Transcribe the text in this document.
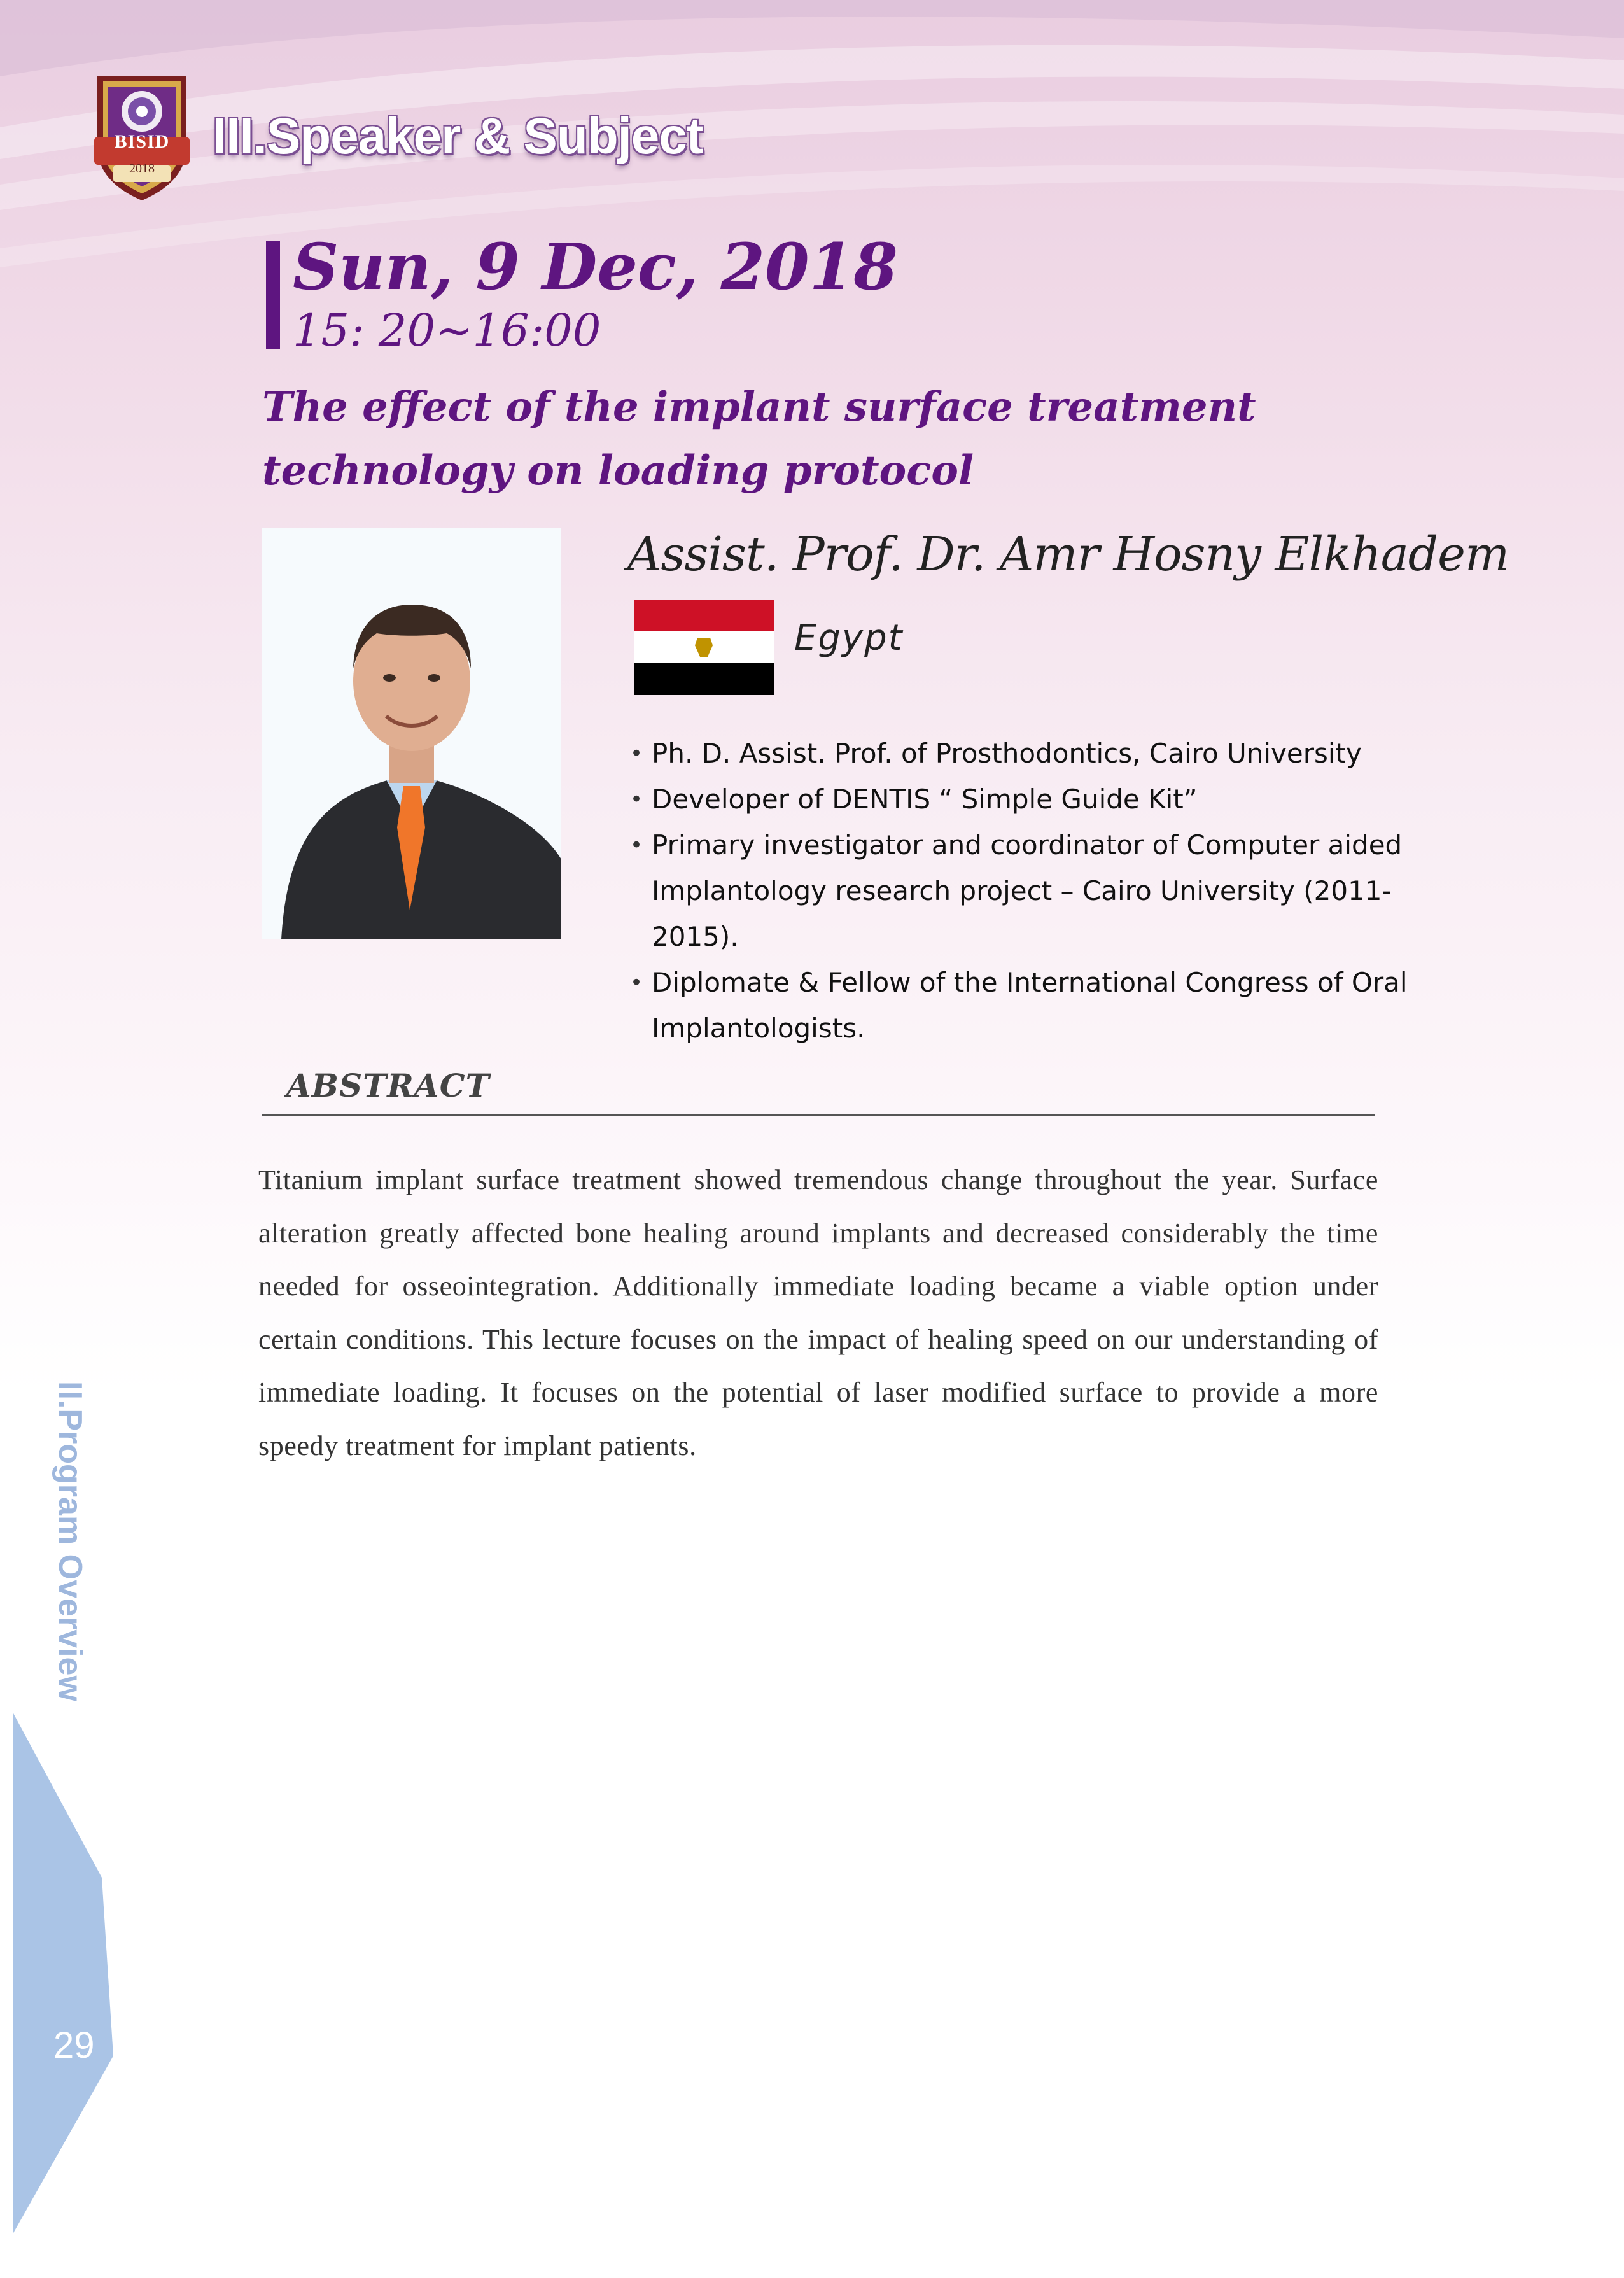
BISID
2018
III.Speaker & Subject
Sun, 9 Dec, 2018
15: 20~16:00
The effect of the implant surface treatment
technology on loading protocol
Assist. Prof. Dr. Amr Hosny Elkhadem
Egypt
• Ph. D. Assist. Prof. of Prosthodontics, Cairo University
• Developer of DENTIS “ Simple Guide Kit”
• Primary investigator and coordinator of Computer aided Implantology research project – Cairo University (2011-2015).
• Diplomate & Fellow of the International Congress of Oral Implantologists.
ABSTRACT
Titanium implant surface treatment showed tremendous change throughout the year. Surface alteration greatly affected bone healing around implants and decreased considerably the time needed for osseointegration. Additionally immediate loading became a viable option under certain conditions. This lecture focuses on the impact of healing speed on our understanding of immediate loading. It focuses on the potential of laser modified surface to provide a more speedy treatment for implant patients.
II.Program Overview
29
